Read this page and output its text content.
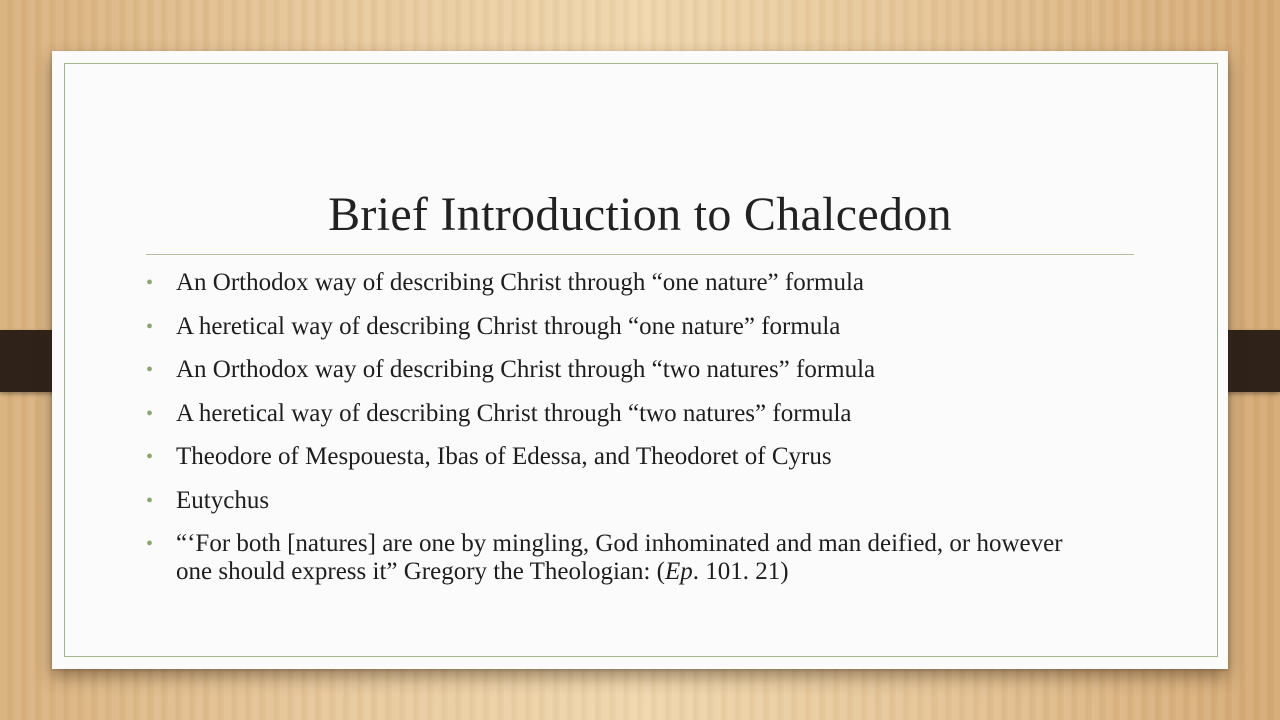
Brief Introduction to Chalcedon
• An Orthodox way of describing Christ through “one nature” formula
• A heretical way of describing Christ through “one nature” formula
• An Orthodox way of describing Christ through “two natures” formula
• A heretical way of describing Christ through “two natures” formula
• Theodore of Mespouesta, Ibas of Edessa, and Theodoret of Cyrus
• Eutychus
• “‘For both [natures] are one by mingling, God inhominated and man deified, or however one should express it” Gregory the Theologian: (Ep. 101. 21)
